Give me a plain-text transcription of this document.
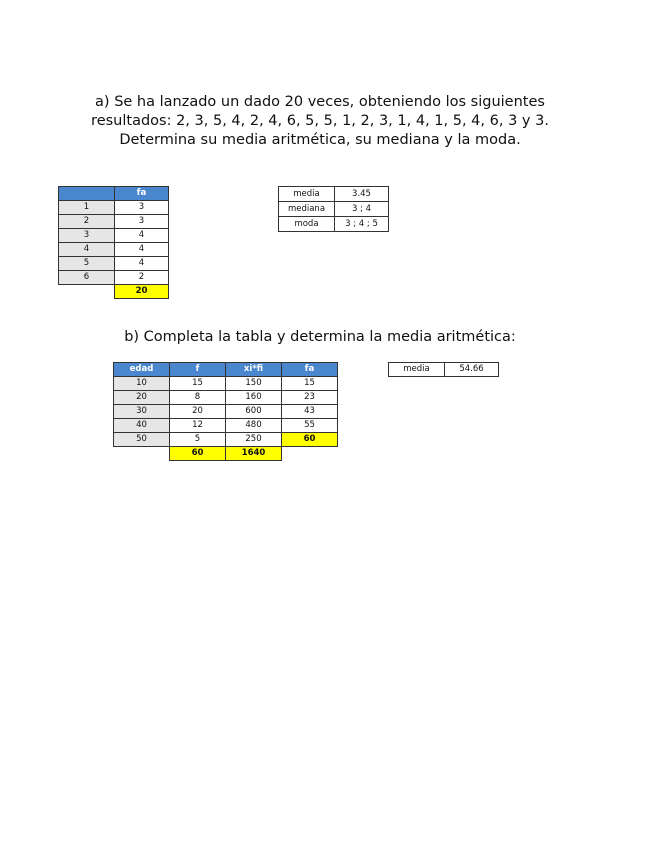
a) Se ha lanzado un dado 20 veces, obteniendo los siguientes
resultados: 2, 3, 5, 4, 2, 4, 6, 5, 5, 1, 2, 3, 1, 4, 1, 5, 4, 6, 3 y 3.
Determina su media aritmética, su mediana y la moda.
	fa
1	3
2	3
3	4
4	4
5	4
6	2
	20
media	3.45
mediana	3 ; 4
moda	3 ; 4 ; 5
b) Completa la tabla y determina la media aritmética:
edad	f	xi*fi	fa
10	15	150	15
20	8	160	23
30	20	600	43
40	12	480	55
50	5	250	60
	60	1640	
media	54.66
